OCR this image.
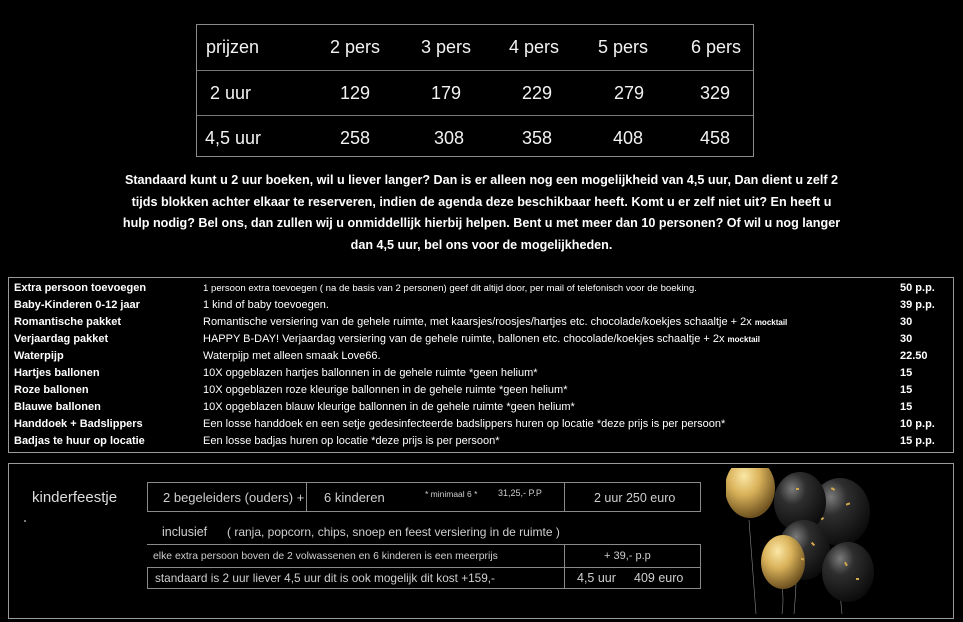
prijzen	2 pers	3 pers	4 pers	5 pers	6 pers
2 uur	129	179	229	279	329
4,5 uur	258	308	358	408	458
Standaard kunt u 2 uur boeken, wil u liever langer? Dan is er alleen nog een mogelijkheid van 4,5 uur, Dan dient u zelf 2
tijds blokken achter elkaar te reserveren, indien de agenda deze beschikbaar heeft. Komt u er zelf niet uit? En heeft u
hulp nodig? Bel ons, dan zullen wij u onmiddellijk hierbij helpen. Bent u met meer dan 10 personen? Of wil u nog langer
dan 4,5 uur, bel ons voor de mogelijkheden.
Extra persoon toevoegen	1 persoon extra toevoegen ( na de basis van 2 personen) geef dit altijd door, per mail of telefonisch voor de boeking.	50 p.p.
Baby-Kinderen 0-12 jaar	1 kind of baby toevoegen.	39 p.p.
Romantische pakket	Romantische versiering van de gehele ruimte, met kaarsjes/roosjes/hartjes etc. chocolade/koekjes schaaltje + 2x mocktail	30
Verjaardag pakket	HAPPY B-DAY! Verjaardag versiering van de gehele ruimte, ballonen etc. chocolade/koekjes schaaltje + 2x mocktail	30
Waterpijp	Waterpijp met alleen smaak Love66.	22.50
Hartjes ballonen	10X opgeblazen hartjes ballonnen in de gehele ruimte *geen helium*	15
Roze ballonen	10X opgeblazen roze kleurige ballonnen in de gehele ruimte *geen helium*	15
Blauwe ballonen	10X opgeblazen blauw kleurige ballonnen in de gehele ruimte *geen helium*	15
Handdoek + Badslippers	Een losse handdoek en een setje gedesinfecteerde badslippers huren op locatie *deze prijs is per persoon*	10 p.p.
Badjas te huur op locatie	Een losse badjas huren op locatie *deze prijs is per persoon*	15 p.p.
kinderfeestje	2 begeleiders (ouders) + 6 kinderen	* minimaal 6 * 31,25,- P.P	2 uur 250 euro
inclusief ( ranja, popcorn, chips, snoep en feest versiering in de ruimte )
elke extra persoon boven de 2 volwassenen en 6 kinderen is een meerprijs	+ 39,- p.p
standaard is 2 uur liever 4,5 uur dit is ook mogelijk dit kost +159,-	4,5 uur 409 euro
